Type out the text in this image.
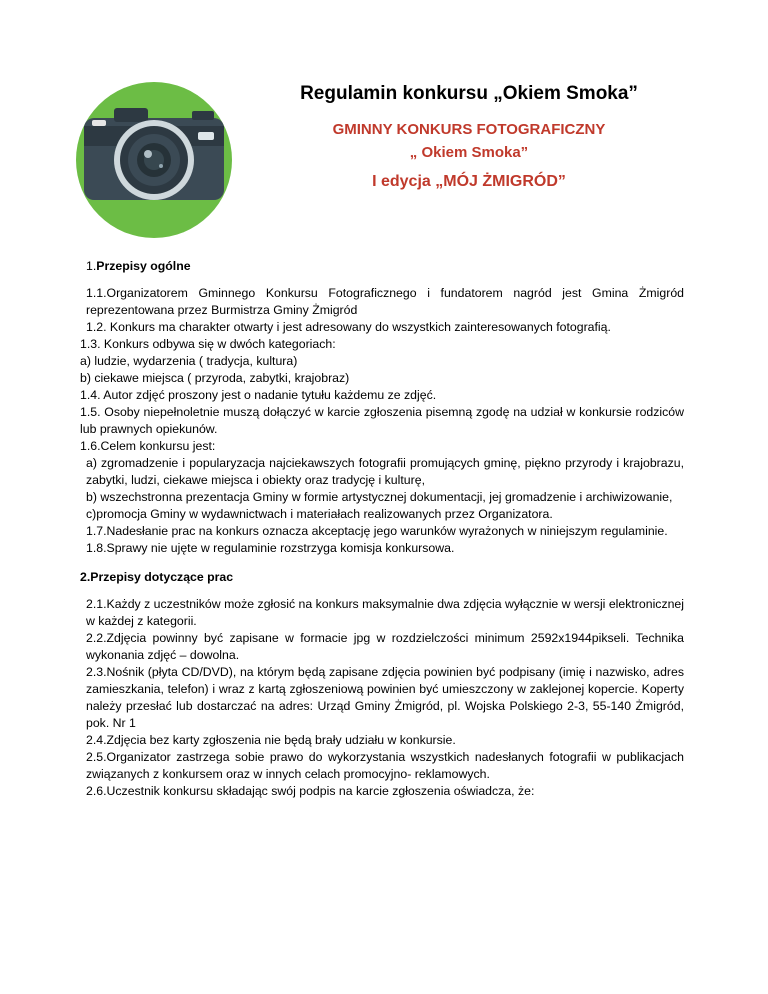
Regulamin konkursu „Okiem Smoka”
GMINNY KONKURS FOTOGRAFICZNY
„ Okiem Smoka”
I edycja „MÓJ ŻMIGRÓD”

1.Przepisy ogólne

1.1.Organizatorem Gminnego Konkursu Fotograficznego i fundatorem nagród jest Gmina Żmigród reprezentowana przez Burmistrza Gminy Żmigród

1.2. Konkurs ma charakter otwarty i jest adresowany do wszystkich zainteresowanych fotografią.

1.3. Konkurs odbywa się w dwóch kategoriach:

a) ludzie, wydarzenia ( tradycja, kultura)

b) ciekawe miejsca ( przyroda, zabytki, krajobraz)

1.4. Autor zdjęć proszony jest o nadanie tytułu każdemu ze zdjęć.

1.5. Osoby niepełnoletnie muszą dołączyć w karcie zgłoszenia pisemną zgodę na udział w konkursie rodziców lub prawnych opiekunów.

1.6.Celem konkursu jest:

a) zgromadzenie i popularyzacja najciekawszych fotografii promujących gminę, piękno przyrody i krajobrazu, zabytki, ludzi, ciekawe miejsca i obiekty oraz tradycję i kulturę,

b) wszechstronna prezentacja Gminy w formie artystycznej dokumentacji, jej gromadzenie i archiwizowanie,

c)promocja Gminy w wydawnictwach i materiałach realizowanych przez Organizatora.

1.7.Nadesłanie prac na konkurs oznacza akceptację jego warunków wyrażonych w niniejszym regulaminie.

1.8.Sprawy nie ujęte w regulaminie rozstrzyga komisja konkursowa.

2.Przepisy dotyczące prac

2.1.Każdy z uczestników może zgłosić na konkurs maksymalnie dwa zdjęcia wyłącznie w wersji elektronicznej w każdej z kategorii.

2.2.Zdjęcia powinny być zapisane w formacie jpg w rozdzielczości minimum 2592x1944pikseli. Technika wykonania zdjęć – dowolna.

2.3.Nośnik (płyta CD/DVD), na którym będą zapisane zdjęcia powinien być podpisany (imię i nazwisko, adres zamieszkania, telefon) i wraz z kartą zgłoszeniową powinien być umieszczony w zaklejonej kopercie. Koperty należy przesłać lub dostarczać na adres: Urząd Gminy Żmigród, pl. Wojska Polskiego 2-3, 55-140 Żmigród, pok. Nr 1

2.4.Zdjęcia bez karty zgłoszenia nie będą brały udziału w konkursie.

2.5.Organizator zastrzega sobie prawo do wykorzystania wszystkich nadesłanych fotografii w publikacjach związanych z konkursem oraz w innych celach promocyjno- reklamowych.

2.6.Uczestnik konkursu składając swój podpis na karcie zgłoszenia oświadcza, że:
